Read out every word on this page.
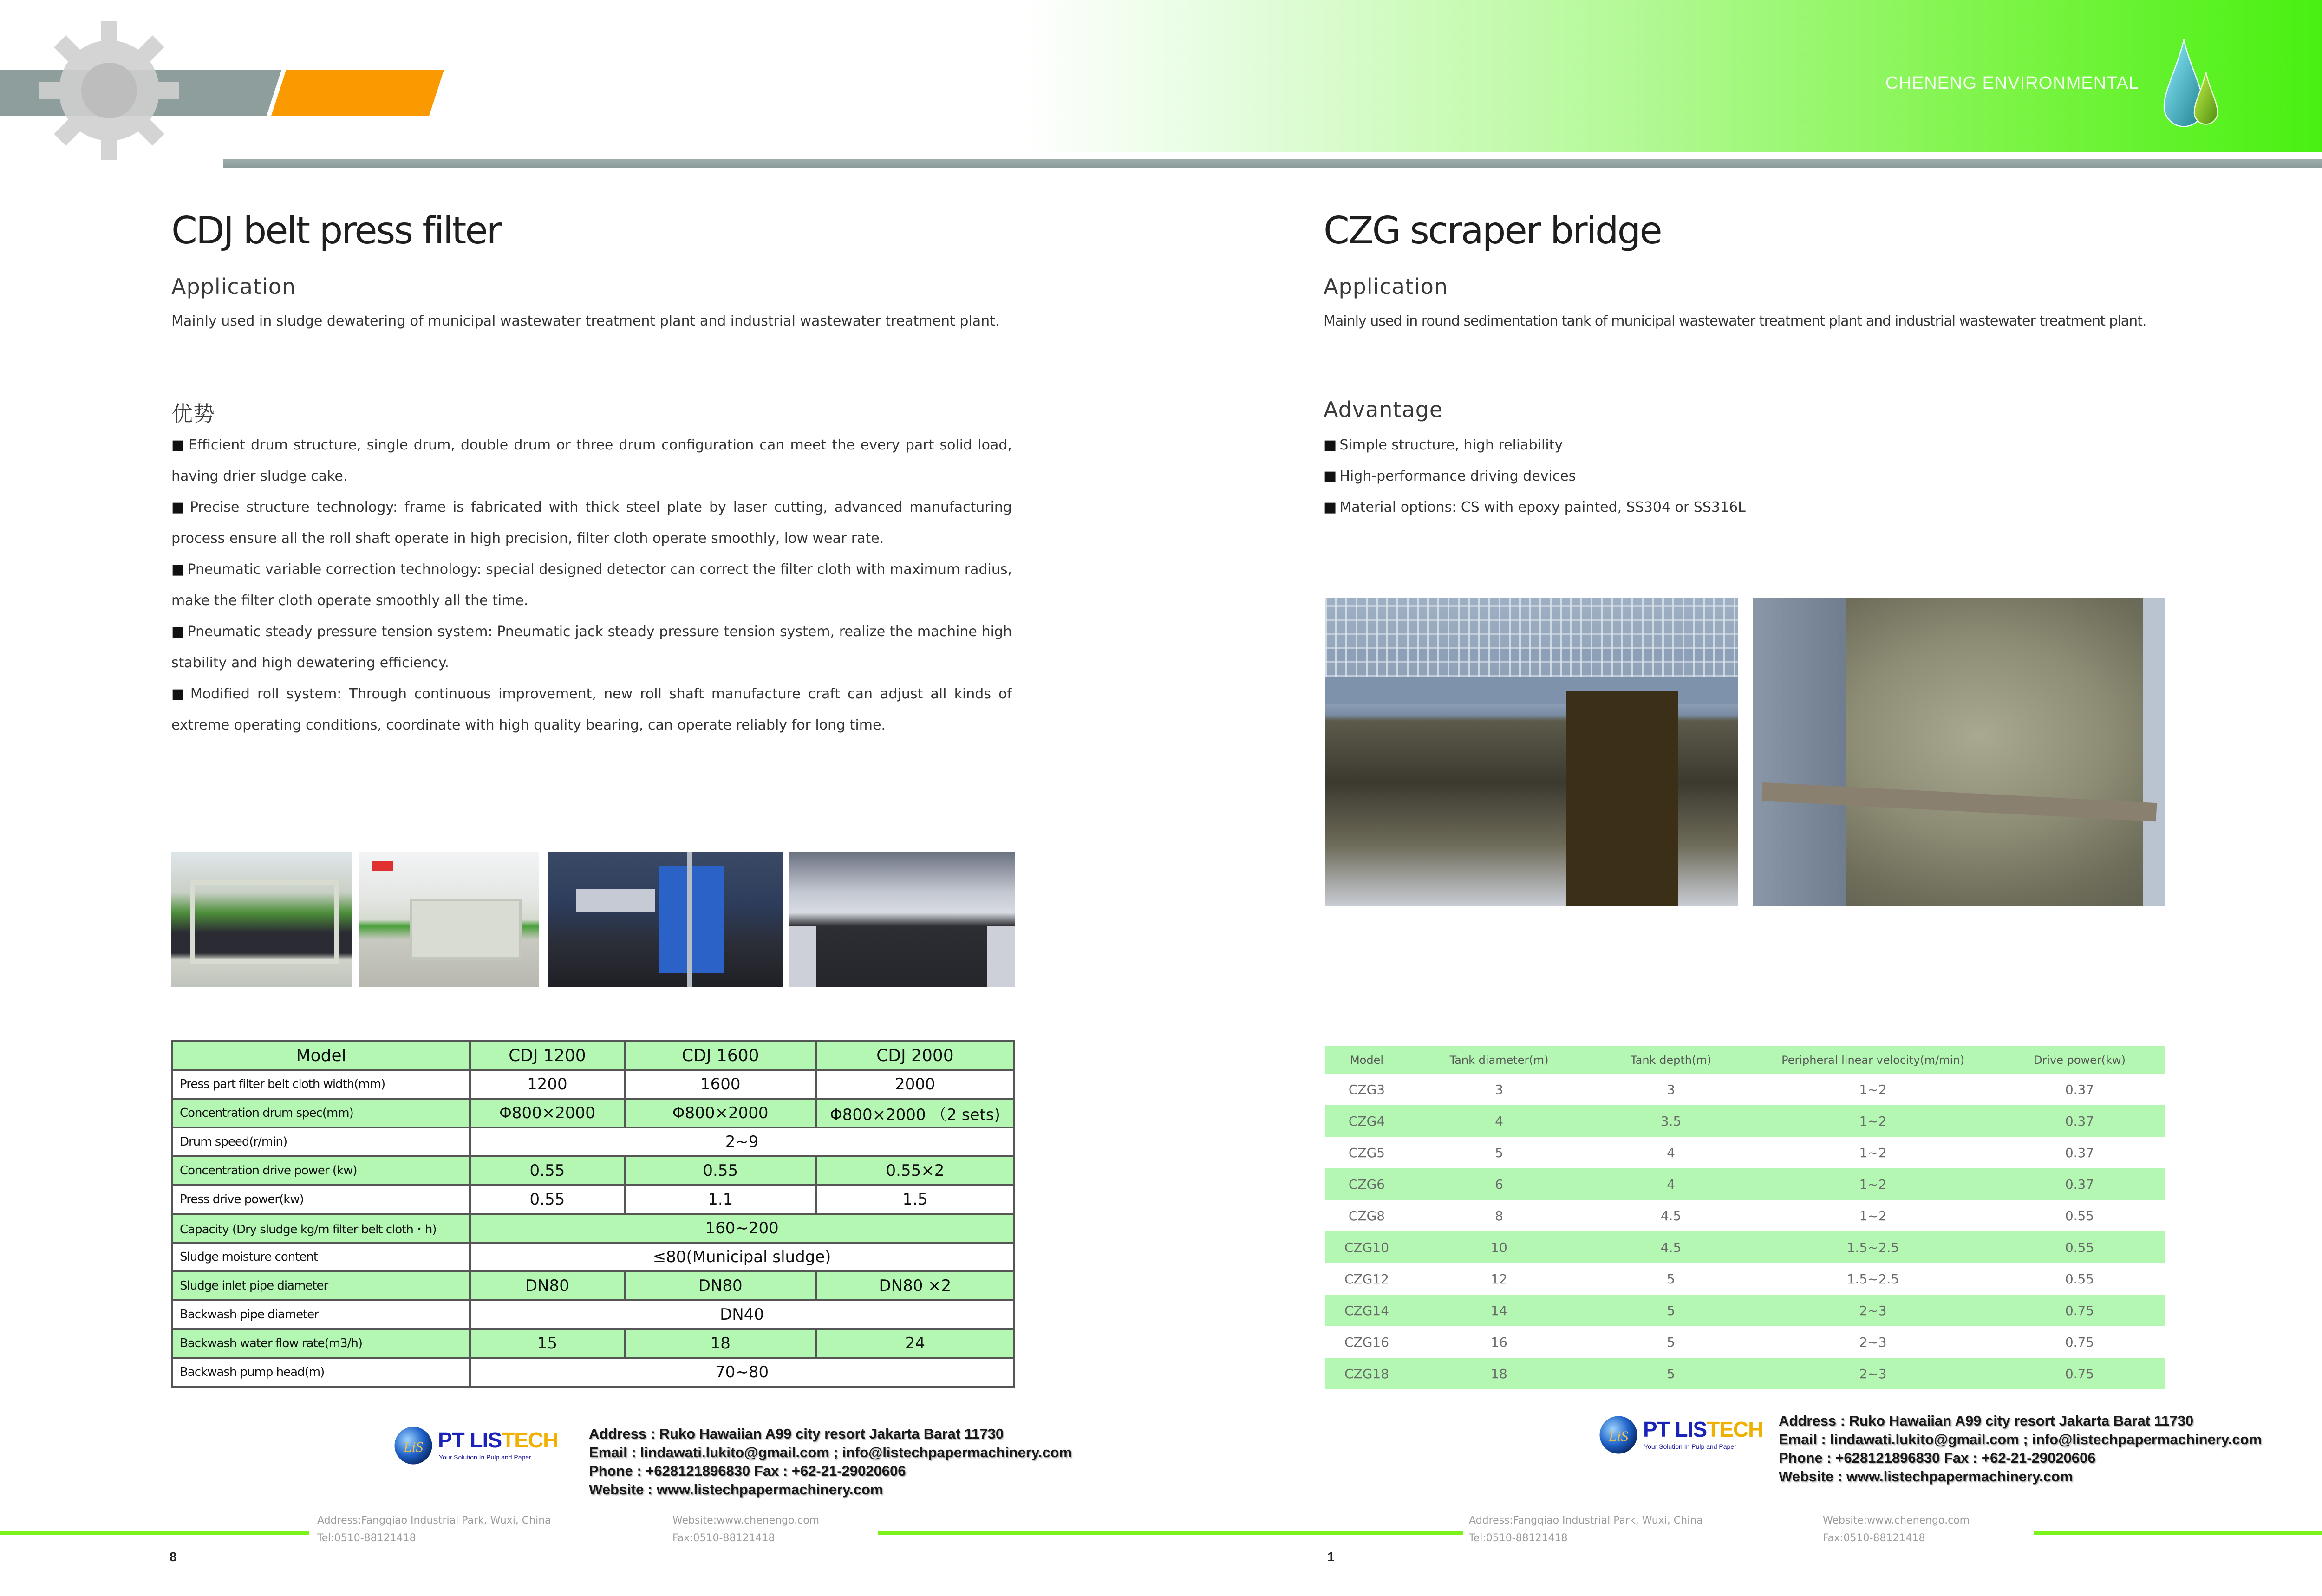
CHENENG ENVIRONMENTAL
CDJ belt press filter
Application
Mainly used in sludge dewatering of municipal wastewater treatment plant and industrial wastewater treatment plant.
优势
■ Efficient drum structure, single drum, double drum or three drum configuration can meet the every part solid load, having drier sludge cake.
■ Precise structure technology: frame is fabricated with thick steel plate by laser cutting, advanced manufacturing process ensure all the roll shaft operate in high precision, filter cloth operate smoothly, low wear rate.
■ Pneumatic variable correction technology: special designed detector can correct the filter cloth with maximum radius, make the filter cloth operate smoothly all the time.
■ Pneumatic steady pressure tension system: Pneumatic jack steady pressure tension system, realize the machine high stability and high dewatering efficiency.
■ Modified roll system: Through continuous improvement, new roll shaft manufacture craft can adjust all kinds of extreme operating conditions, coordinate with high quality bearing, can operate reliably for long time.
Model	CDJ 1200	CDJ 1600	CDJ 2000
Press part filter belt cloth width(mm)	1200	1600	2000
Concentration drum spec(mm)	Φ800×2000	Φ800×2000	Φ800×2000 （2 sets)
Drum speed(r/min)	2~9		
Concentration drive power (kw)	0.55	0.55	0.55×2
Press drive power(kw)	0.55	1.1	1.5
Capacity (Dry sludge kg/m filter belt cloth・h)	160~200		
Sludge moisture content	≤80(Municipal sludge)		
Sludge inlet pipe diameter	DN80	DN80	DN80 ×2
Backwash pipe diameter	DN40		
Backwash water flow rate(m3/h)	15	18	24
Backwash pump head(m)	70~80		
CZG scraper bridge
Application
Mainly used in round sedimentation tank of municipal wastewater treatment plant and industrial wastewater treatment plant.
Advantage
■ Simple structure, high reliability
■ High-performance driving devices
■ Material options: CS with epoxy painted, SS304 or SS316L
Model	Tank diameter(m)	Tank depth(m)	Peripheral linear velocity(m/min)	Drive power(kw)
CZG3	3	3	1~2	0.37
CZG4	4	3.5	1~2	0.37
CZG5	5	4	1~2	0.37
CZG6	6	4	1~2	0.37
CZG8	8	4.5	1~2	0.55
CZG10	10	4.5	1.5~2.5	0.55
CZG12	12	5	1.5~2.5	0.55
CZG14	14	5	2~3	0.75
CZG16	16	5	2~3	0.75
CZG18	18	5	2~3	0.75
LiS PT LISTECH
Your Solution In Pulp and Paper
Address : Ruko Hawaiian A99 city resort Jakarta Barat 11730
Email : lindawati.lukito@gmail.com ; info@listechpapermachinery.com
Phone : +628121896830 Fax : +62-21-29020606
Website : www.listechpapermachinery.com
LiS PT LISTECH
Your Solution In Pulp and Paper
Address : Ruko Hawaiian A99 city resort Jakarta Barat 11730
Email : lindawati.lukito@gmail.com ; info@listechpapermachinery.com
Phone : +628121896830 Fax : +62-21-29020606
Website : www.listechpapermachinery.com
Address:Fangqiao Industrial Park, Wuxi, China
Tel:0510-88121418
Website:www.chenengo.com
Fax:0510-88121418
Address:Fangqiao Industrial Park, Wuxi, China
Tel:0510-88121418
Website:www.chenengo.com
Fax:0510-88121418
8	1
